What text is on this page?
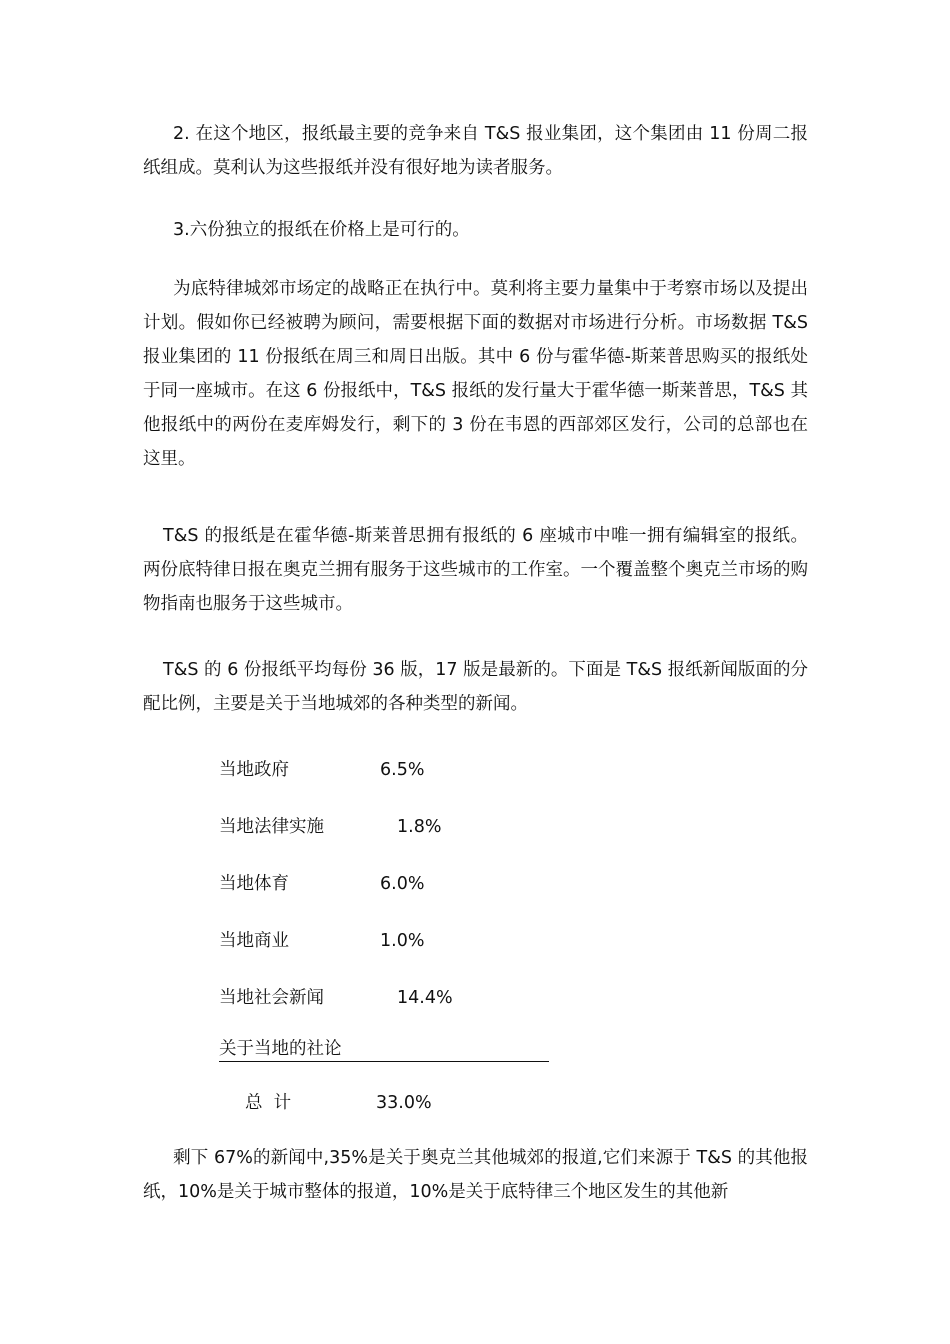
2. 在这个地区，报纸最主要的竞争来自 T&S 报业集团，这个集团由 11 份周二报纸组成。莫利认为这些报纸并没有很好地为读者服务。

3.六份独立的报纸在价格上是可行的。

为底特律城郊市场定的战略正在执行中。莫利将主要力量集中于考察市场以及提出计划。假如你已经被聘为顾问，需要根据下面的数据对市场进行分析。市场数据 T&S 报业集团的 11 份报纸在周三和周日出版。其中 6 份与霍华德-斯莱普思购买的报纸处于同一座城市。在这 6 份报纸中，T&S 报纸的发行量大于霍华德一斯莱普思，T&S 其他报纸中的两份在麦库姆发行，剩下的 3 份在韦恩的西部郊区发行，公司的总部也在这里。

T&S 的报纸是在霍华德-斯莱普思拥有报纸的 6 座城市中唯一拥有编辑室的报纸。两份底特律日报在奥克兰拥有服务于这些城市的工作室。一个覆盖整个奥克兰市场的购物指南也服务于这些城市。

T&S 的 6 份报纸平均每份 36 版，17 版是最新的。下面是 T&S 报纸新闻版面的分配比例，主要是关于当地城郊的各种类型的新闻。

当地政府	6.5%
当地法律实施	1.8%
当地体育	6.0%
当地商业	1.0%
当地社会新闻	14.4%
关于当地的社论
总  计	33.0%

剩下 67%的新闻中,35%是关于奥克兰其他城郊的报道,它们来源于 T&S 的其他报纸，10%是关于城市整体的报道，10%是关于底特律三个地区发生的其他新
